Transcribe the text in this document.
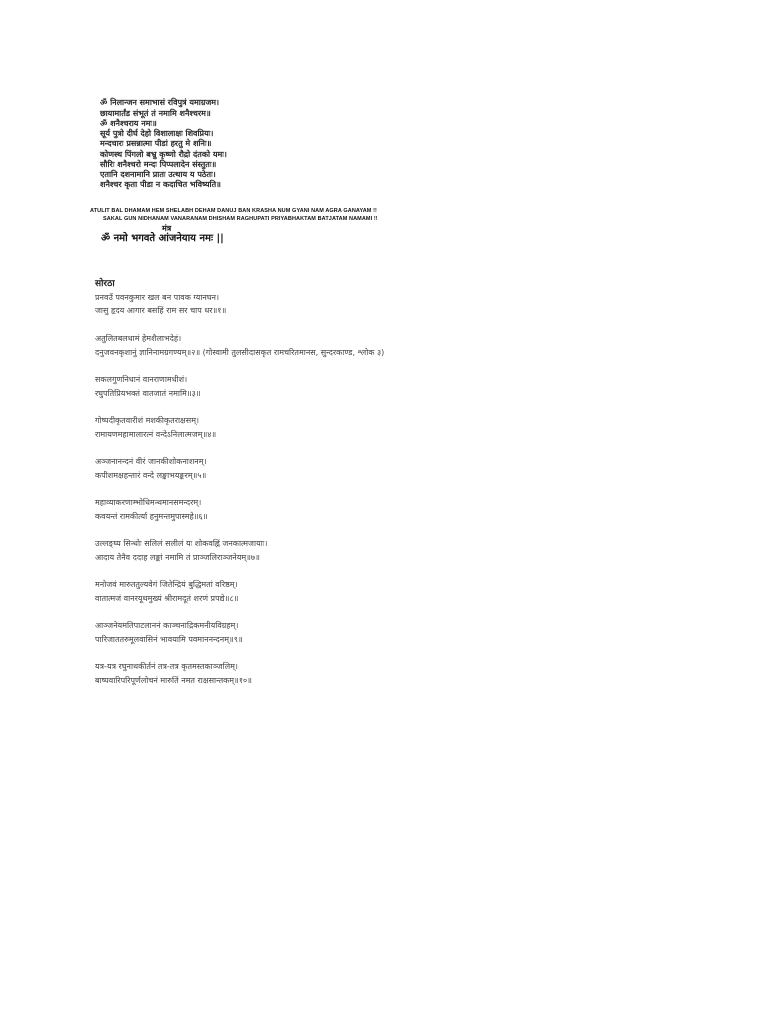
ॐ निलान्जन समाभासं रविपुत्रं यमाग्रजम।
छायामार्तंड संभूतं तं नमामि शनैश्चरम॥
ॐ शनैश्चराय नमः॥
सूर्य पुत्रो दीर्घ देहो विशालाक्षः शिवप्रियः।
मन्दचारः प्रसन्नात्मा पीडां हरतु मे शनिः॥
कोणस्थ पिंगलो बभ्रु कृष्णो रौद्रो दंतको यमः।
सौरिः शनैश्चरो मन्दः पिप्पलादेन संस्तुतः॥
एतानि दशनामानि प्रातः उत्थाय य पठेतः।
शनैश्चर कृता पीडा न कदाचित भविष्यति॥
ATULIT BAL DHAMAM HEM SHELABH DEHAM DANUJ BAN KRASHA NUM GYANI NAM AGRA GANAYAM !!
SAKAL GUN NIDHANAM VANARANAM DHISHAM RAGHUPATI PRIYABHAKTAM BATJATAM NAMAMI !!
मंत्र
ॐ नमो भगवते आंजनेयाय नमः ||
सोरठा
प्रनवउँ पवनकुमार खल बन पावक ग्यानघन।
जासु हृदय आगार बसहिं राम सर चाप धर॥१॥
अतुलितबलधामं हेमशैलाभदेहं।
दनुजवनकृशानुं ज्ञानिनामग्रगण्यम्॥२॥ (गोस्वामी तुलसीदासकृत रामचरितमानस, सुन्दरकाण्ड, श्लोक ३)
सकलगुणनिधानं वानराणामधीशं।
रघुपतिप्रियभक्तं वातजातं नमामि॥३॥
गोष्पदीकृतवारीशं मशकीकृतराक्षसम्।
रामायणमहामालारत्नं वन्देऽनिलात्मजम्॥४॥
अञ्जनानन्दनं वीरं जानकीशोकनाशनम्।
कपीशमक्षहन्तारं वन्दे लङ्काभयङ्करम्॥५॥
महाव्याकरणाम्भोधिमन्थमानसमन्दरम्।
कवयन्तं रामकीर्त्या हनुमन्तमुपास्महे॥६॥
उल्लङ्घ्य सिन्धोः सलिलं सलीलं यः शोकवह्निं जनकात्मजायाः।
आदाय तेनैव ददाह लङ्कां नमामि तं प्राञ्जलिराञ्जनेयम्॥७॥
मनोजवं मारुततुल्यवेगं जितेन्द्रियं बुद्धिमतां वरिष्ठम्।
वातात्मजं वानरयूथमुख्यं श्रीरामदूतं शरणं प्रपद्ये॥८॥
आञ्जनेयमतिपाटलाननं काञ्चनाद्रिकमनीयविग्रहम्।
पारिजाततरुमूलवासिनं भावयामि पवमाननन्दनम्॥९॥
यत्र-यत्र रघुनाथकीर्तनं तत्र-तत्र कृतमस्तकाञ्जलिम्।
बाष्पवारिपरिपूर्णलोचनं मारुतिं नमत राक्षसान्तकम्॥१०॥
